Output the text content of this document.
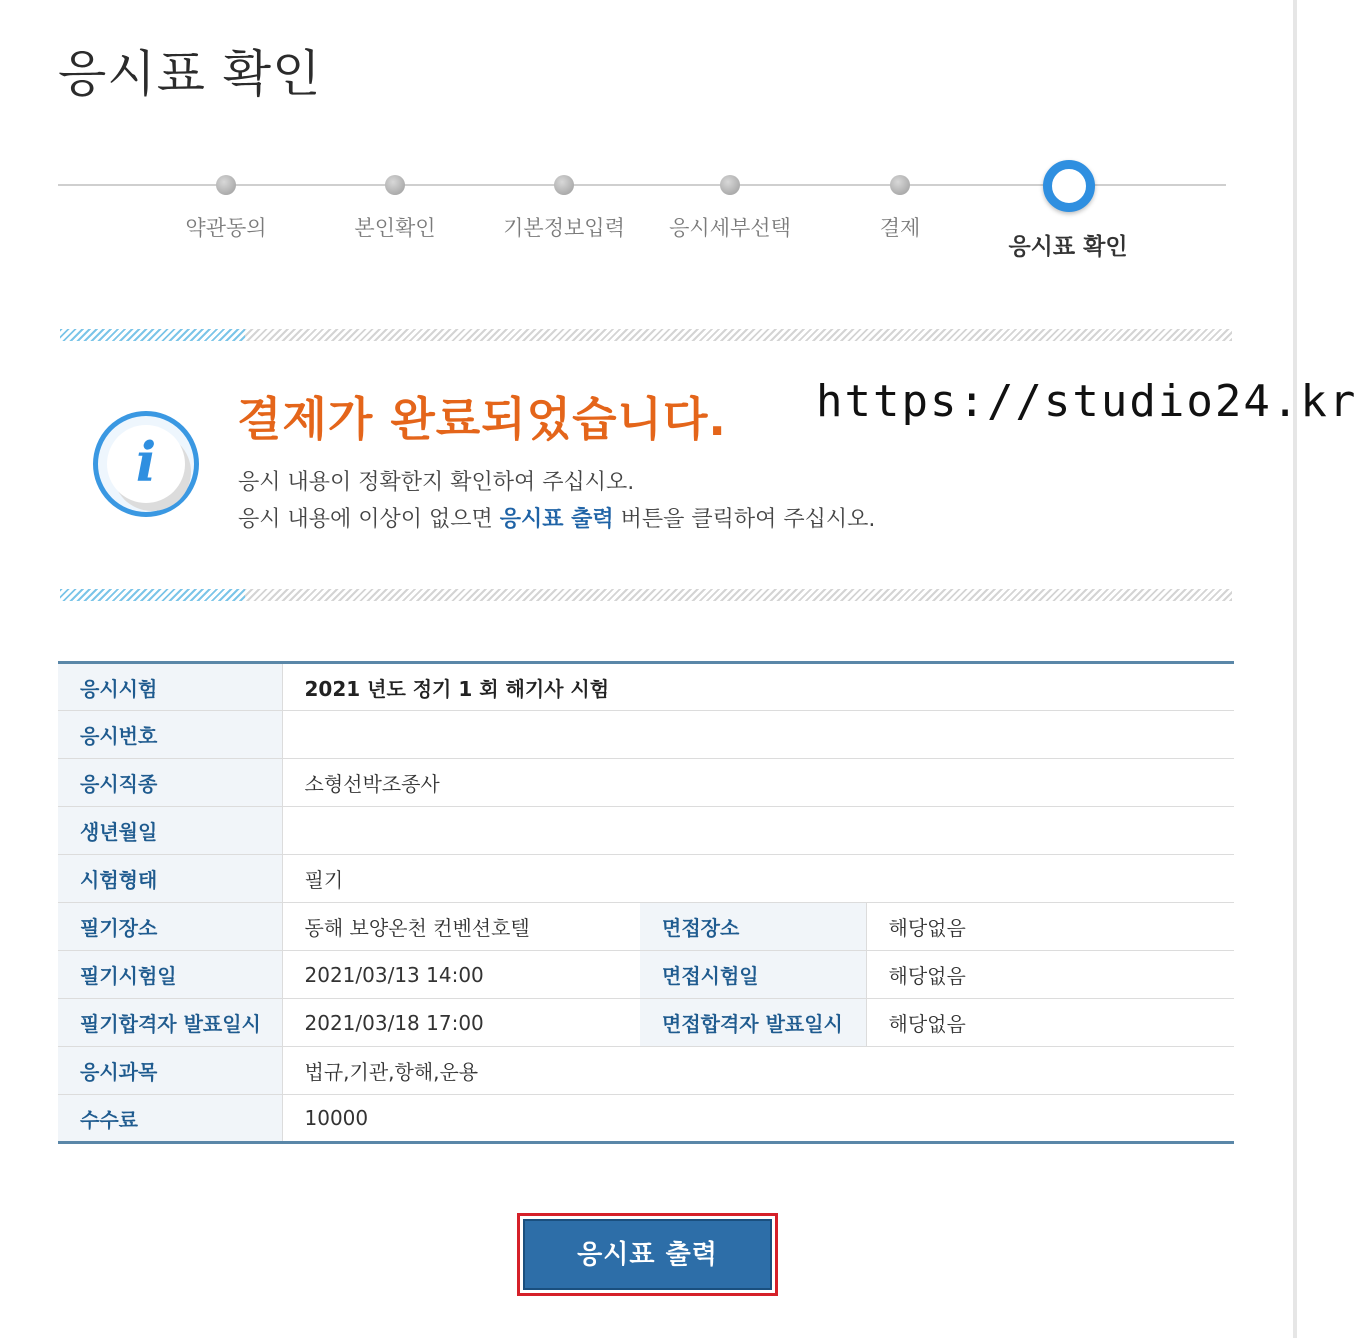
응시표 확인
약관동의	본인확인	기본정보입력	응시세부선택	결제
응시표 확인
i
결제가 완료되었습니다.
응시 내용이 정확한지 확인하여 주십시오.
응시 내용에 이상이 없으면 응시표 출력 버튼을 클릭하여 주십시오.
https://studio24.kr
응시시험	2021 년도 정기 1 회 해기사 시험		
응시번호			
응시직종	소형선박조종사		
생년월일			
시험형태	필기		
필기장소	동해 보양온천 컨벤션호텔	면접장소	해당없음
필기시험일	2021/03/13 14:00	면접시험일	해당없음
필기합격자 발표일시	2021/03/18 17:00	면접합격자 발표일시	해당없음
응시과목	법규,기관,항해,운용		
수수료	10000		
응시표 출력
